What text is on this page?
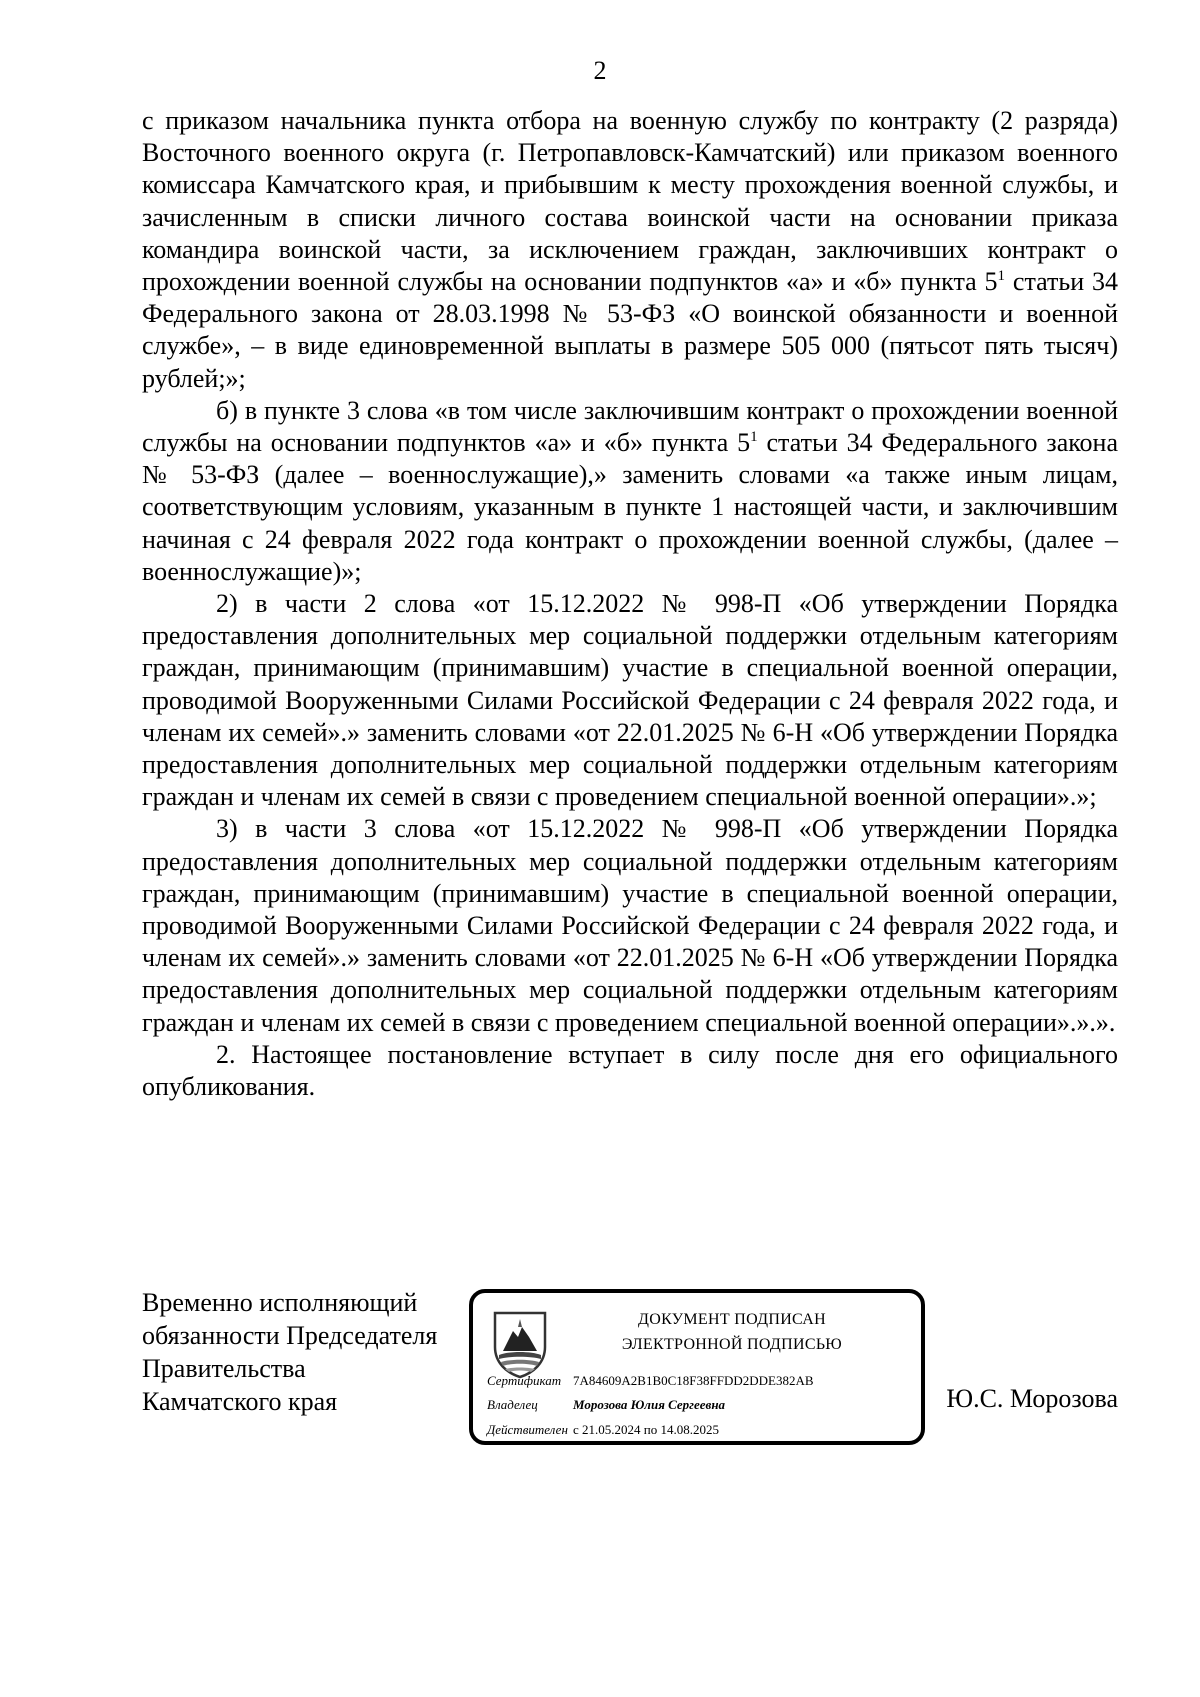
2

с приказом начальника пункта отбора на военную службу по контракту (2 разряда) Восточного военного округа (г. Петропавловск-Камчатский) или приказом военного комиссара Камчатского края, и прибывшим к месту прохождения военной службы, и зачисленным в списки личного состава воинской части на основании приказа командира воинской части, за исключением граждан, заключивших контракт о прохождении военной службы на основании подпунктов «а» и «б» пункта $5^1$ статьи 34 Федерального закона от 28.03.1998 № 53-ФЗ «О воинской обязанности и военной службе», – в виде единовременной выплаты в размере 505 000 (пятьсот пять тысяч) рублей;»;

б) в пункте 3 слова «в том числе заключившим контракт о прохождении военной службы на основании подпунктов «а» и «б» пункта $5^1$ статьи 34 Федерального закона № 53-ФЗ (далее – военнослужащие),» заменить словами «а также иным лицам, соответствующим условиям, указанным в пункте 1 настоящей части, и заключившим начиная с 24 февраля 2022 года контракт о прохождении военной службы, (далее – военнослужащие)»;

2) в части 2 слова «от 15.12.2022 № 998-П «Об утверждении Порядка предоставления дополнительных мер социальной поддержки отдельным категориям граждан, принимающим (принимавшим) участие в специальной военной операции, проводимой Вооруженными Силами Российской Федерации с 24 февраля 2022 года, и членам их семей».» заменить словами «от 22.01.2025 № 6-Н «Об утверждении Порядка предоставления дополнительных мер социальной поддержки отдельным категориям граждан и членам их семей в связи с проведением специальной военной операции».»;

3) в части 3 слова «от 15.12.2022 № 998-П «Об утверждении Порядка предоставления дополнительных мер социальной поддержки отдельным категориям граждан, принимающим (принимавшим) участие в специальной военной операции, проводимой Вооруженными Силами Российской Федерации с 24 февраля 2022 года, и членам их семей».» заменить словами «от 22.01.2025 № 6-Н «Об утверждении Порядка предоставления дополнительных мер социальной поддержки отдельным категориям граждан и членам их семей в связи с проведением специальной военной операции».».».

2. Настоящее постановление вступает в силу после дня его официального опубликования.

Временно исполняющий
обязанности Председателя
Правительства
Камчатского края
ДОКУМЕНТ ПОДПИСАН
ЭЛЕКТРОННОЙ ПОДПИСЬЮ
Сертификат 7A84609A2B1B0C18F38FFDD2DDE382AB
Владелец	Морозова Юлия Сергеевна
Действителен с 21.05.2024 по 14.08.2025
Ю.С. Морозова
